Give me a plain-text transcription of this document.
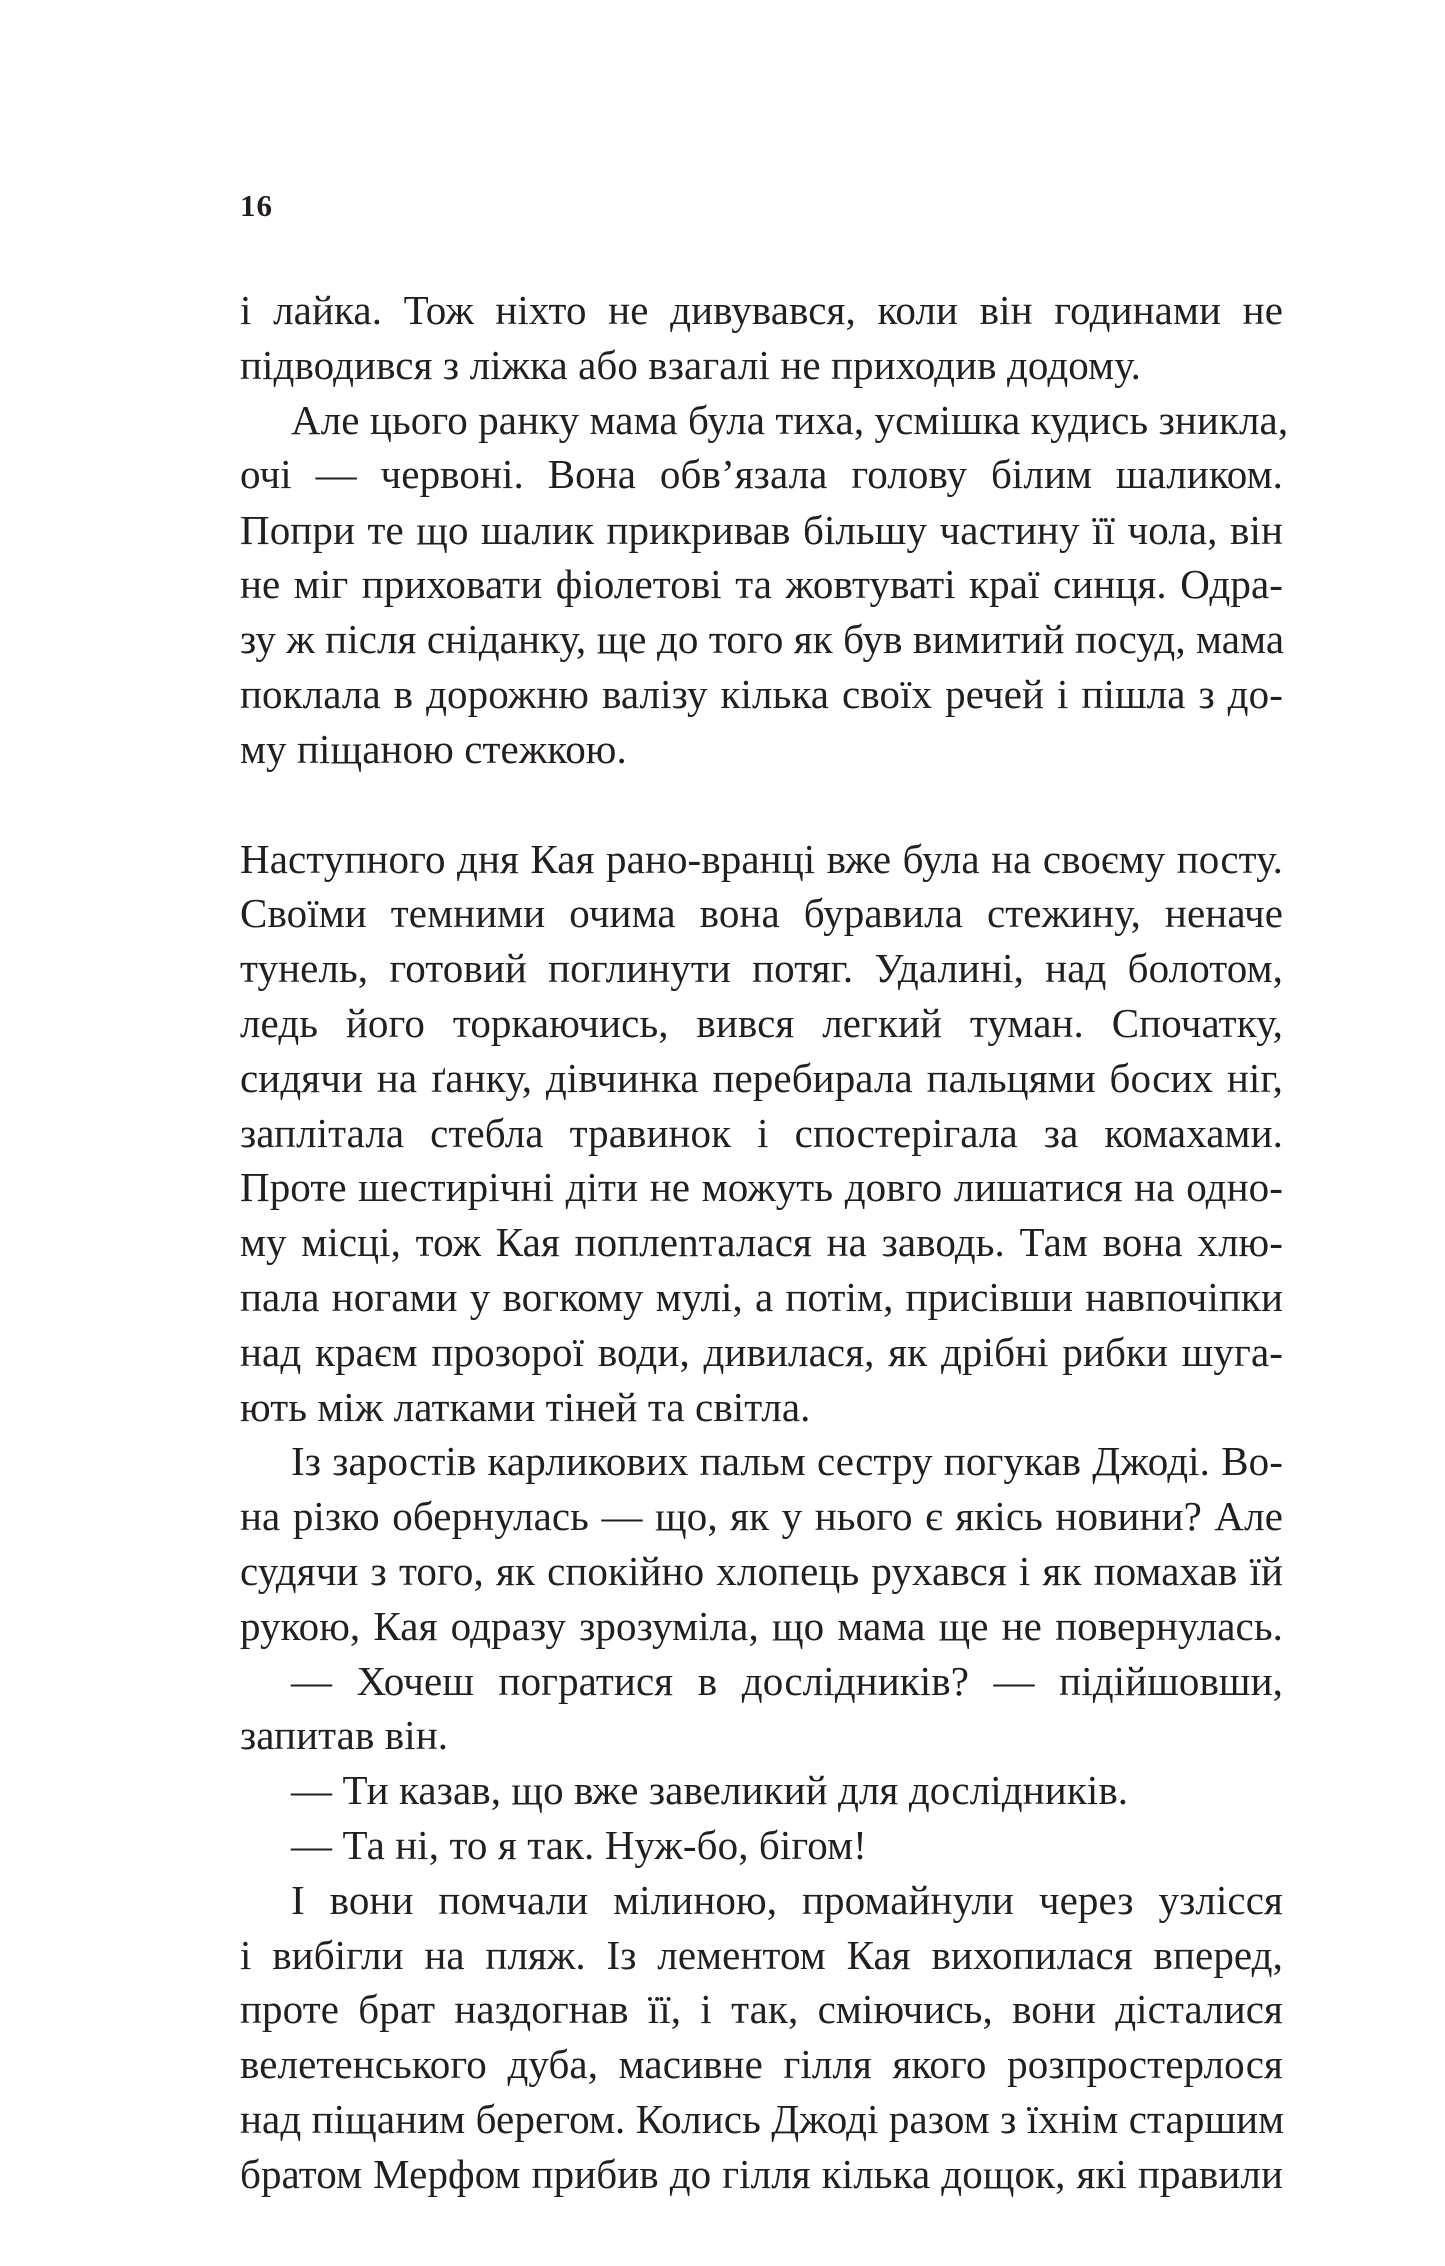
16
і лайка. Тож ніхто не дивувався, коли він годинами не
підводився з ліжка або взагалі не приходив додому.
Але цього ранку мама була тиха, усмішка кудись зникла,
очі — червоні. Вона обв’язала голову білим шаликом.
Попри те що шалик прикривав більшу частину її чола, він
не міг приховати фіолетові та жовтуваті краї синця. Одра-
зу ж після сніданку, ще до того як був вимитий посуд, мама
поклала в дорожню валізу кілька своїх речей і пішла з до-
му піщаною стежкою.
Наступного дня Кая рано-вранці вже була на своєму посту.
Своїми темними очима вона буравила стежину, неначе
тунель, готовий поглинути потяг. Удалині, над болотом,
ледь його торкаючись, вився легкий туман. Спочатку,
сидячи на ґанку, дівчинка перебирала пальцями босих ніг,
заплітала стебла травинок і спостерігала за комахами.
Проте шестирічні діти не можуть довго лишатися на одно-
му місці, тож Кая поплenталася на заводь. Там вона хлю-
пала ногами у вогкому мулі, а потім, присівши навпочіпки
над краєм прозорої води, дивилася, як дрібні рибки шуга-
ють між латками тіней та світла.
Із заростів карликових пальм сестру погукав Джоді. Во-
на різко обернулась — що, як у нього є якісь новини? Але
судячи з того, як спокійно хлопець рухався і як помахав їй
рукою, Кая одразу зрозуміла, що мама ще не повернулась.
— Хочеш погратися в дослідників? — підійшовши,
запитав він.
— Ти казав, що вже завеликий для дослідників.
— Та ні, то я так. Нуж-бо, бігом!
І вони помчали мілиною, промайнули через узлісся
і вибігли на пляж. Із лементом Кая вихопилася вперед,
проте брат наздогнав її, і так, сміючись, вони дісталися
велетенського дуба, масивне гілля якого розпростерлося
над піщаним берегом. Колись Джоді разом з їхнім старшим
братом Мерфом прибив до гілля кілька дощок, які правили
